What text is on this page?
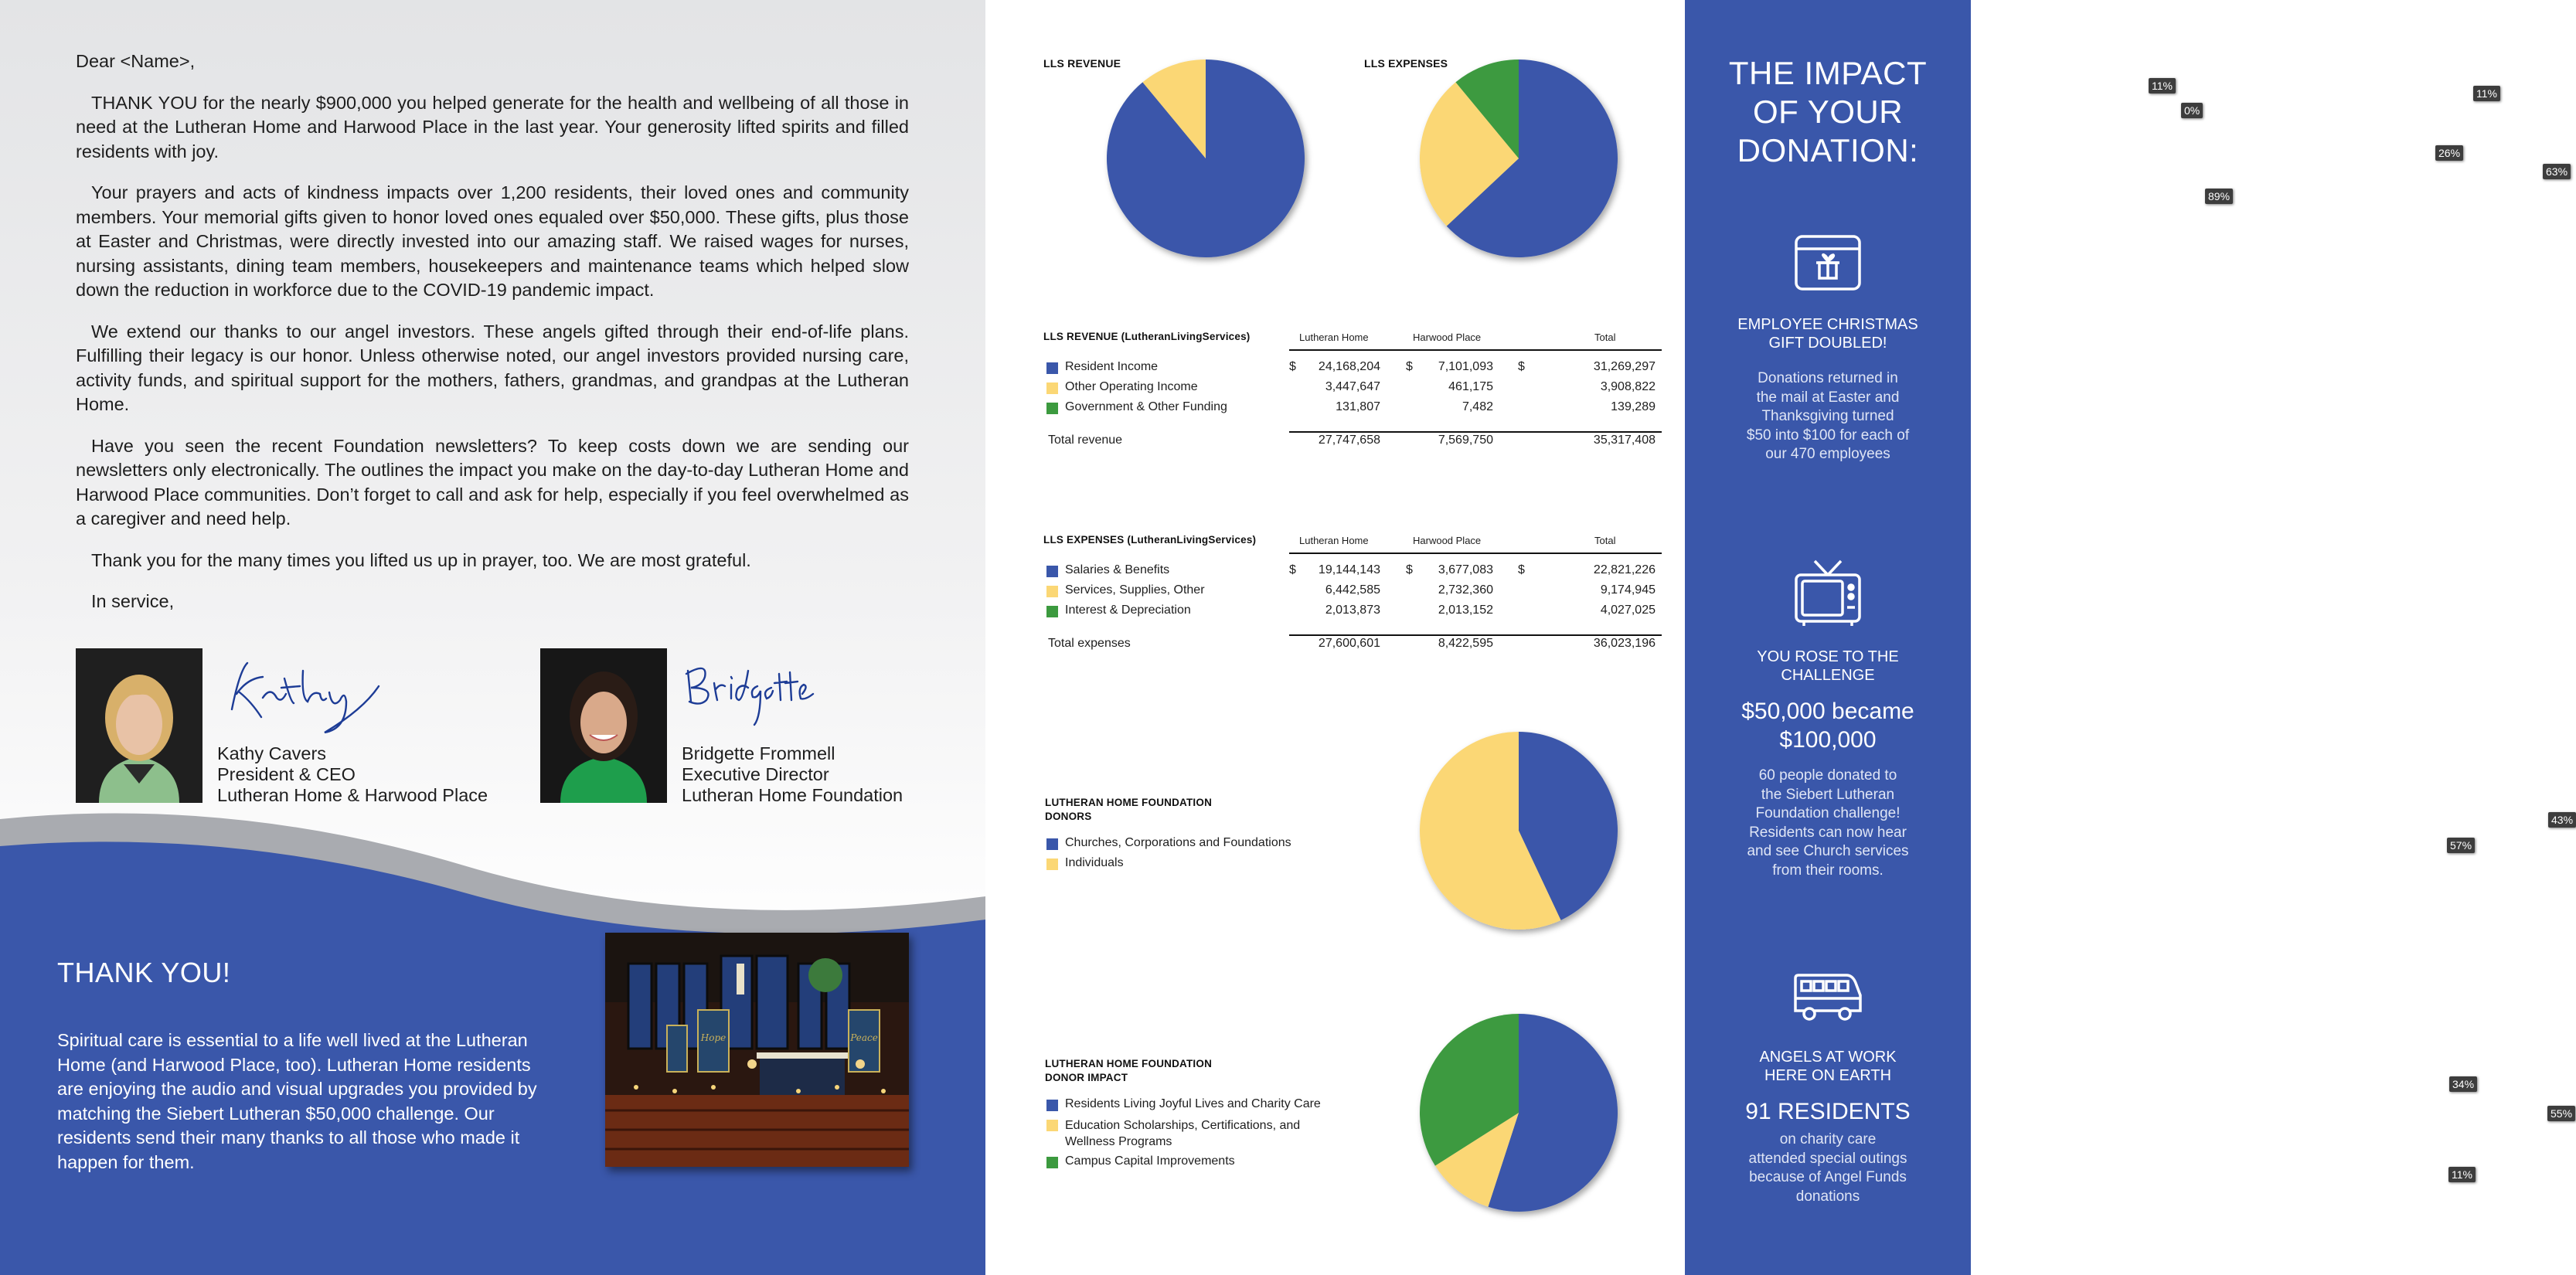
Dear <Name>,

THANK YOU for the nearly $900,000 you helped generate for the health and wellbeing of all those in need at the Lutheran Home and Harwood Place in the last year. Your generosity lifted spirits and filled residents with joy.

Your prayers and acts of kindness impacts over 1,200 residents, their loved ones and community members. Your memorial gifts given to honor loved ones equaled over $50,000. These gifts, plus those at Easter and Christmas, were directly invested into our amazing staff. We raised wages for nurses, nursing assistants, dining team members, housekeepers and maintenance teams which helped slow down the reduction in workforce due to the COVID-19 pandemic impact.

We extend our thanks to our angel investors. These angels gifted through their end-of-life plans. Fulfilling their legacy is our honor. Unless otherwise noted, our angel investors provided nursing care, activity funds, and spiritual support for the mothers, fathers, grandmas, and grandpas at the Lutheran Home.

Have you seen the recent Foundation newsletters? To keep costs down we are sending our newsletters only electronically. The outlines the impact you make on the day-to-day Lutheran Home and Harwood Place communities. Don’t forget to call and ask for help, especially if you feel overwhelmed as a caregiver and need help.

Thank you for the many times you lifted us up in prayer, too. We are most grateful.

In service,

Kathy Cavers
President & CEO
Lutheran Home & Harwood Place
Bridgette Frommell
Executive Director
Lutheran Home Foundation
THANK YOU!
Spiritual care is essential to a life well lived at the Lutheran Home (and Harwood Place, too). Lutheran Home residents are enjoying the audio and visual upgrades you provided by matching the Siebert Lutheran $50,000 challenge. Our residents send their many thanks to all those who made it happen for them.
Hope	Peace
LLS REVENUE
11%
0%
89%
LLS EXPENSES
11%
26%
63%
LLS REVENUE (LutheranLivingServices)	Lutheran Home	Harwood Place	Total
Resident Income	$ 24,168,204 $ 7,101,093 $	31,269,297
Other Operating Income	3,447,647	461,175	3,908,822
Government & Other Funding	131,807	7,482	139,289
Total revenue	27,747,658	7,569,750	35,317,408
LLS EXPENSES (LutheranLivingServices)	Lutheran Home	Harwood Place	Total
Salaries & Benefits	$ 19,144,143 $ 3,677,083 $	22,821,226
Services, Supplies, Other	6,442,585	2,732,360	9,174,945
Interest & Depreciation	2,013,873	2,013,152	4,027,025
Total expenses	27,600,601	8,422,595	36,023,196
LUTHERAN HOME FOUNDATION
DONORS
Churches, Corporations and Foundations
Individuals
43%
57%
LUTHERAN HOME FOUNDATION
DONOR IMPACT
Residents Living Joyful Lives and Charity Care
Education Scholarships, Certifications, and
Wellness Programs
Campus Capital Improvements
55%
11%
34%
THE IMPACT
OF YOUR
DONATION:
EMPLOYEE CHRISTMAS
GIFT DOUBLED!
Donations returned in
the mail at Easter and
Thanksgiving turned
$50 into $100 for each of
our 470 employees
YOU ROSE TO THE
CHALLENGE
$50,000 became
$100,000
60 people donated to
the Siebert Lutheran
Foundation challenge!
Residents can now hear
and see Church services
from their rooms.
ANGELS AT WORK
HERE ON EARTH
91 RESIDENTS
on charity care
attended special outings
because of Angel Funds
donations
